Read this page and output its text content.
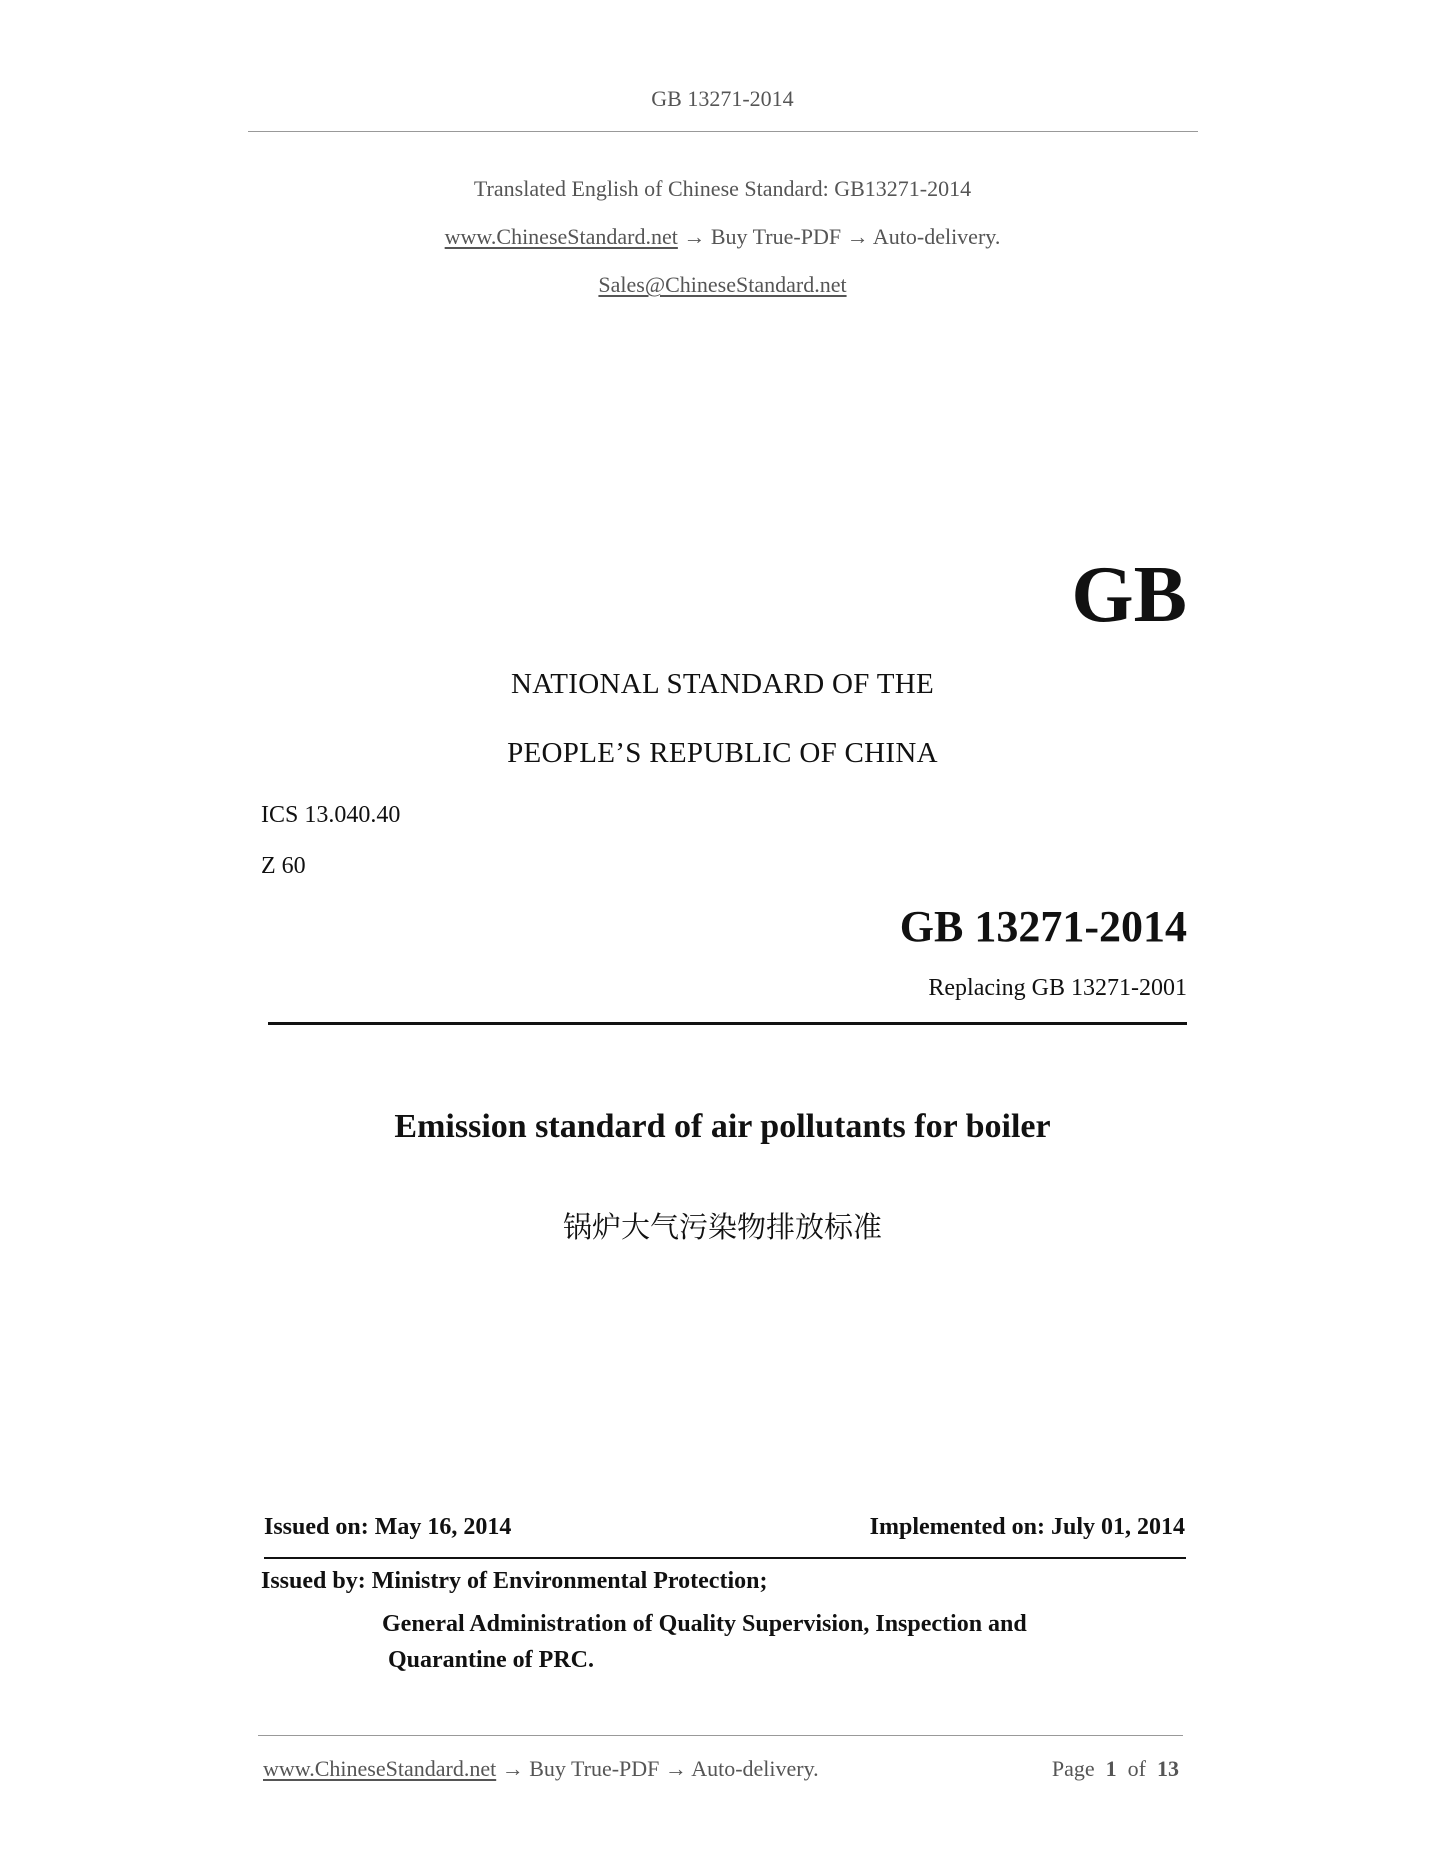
GB 13271-2014
Translated English of Chinese Standard: GB13271-2014
www.ChineseStandard.net → Buy True-PDF → Auto-delivery.
Sales@ChineseStandard.net
GB
NATIONAL STANDARD OF THE
PEOPLE’S REPUBLIC OF CHINA
ICS 13.040.40
Z 60
GB 13271-2014
Replacing GB 13271-2001
Emission standard of air pollutants for boiler
锅炉大气污染物排放标准
Issued on: May 16, 2014	Implemented on: July 01, 2014
Issued by: Ministry of Environmental Protection;
General Administration of Quality Supervision, Inspection and
Quarantine of PRC.
www.ChineseStandard.net → Buy True-PDF → Auto-delivery.	Page 1 of 13
